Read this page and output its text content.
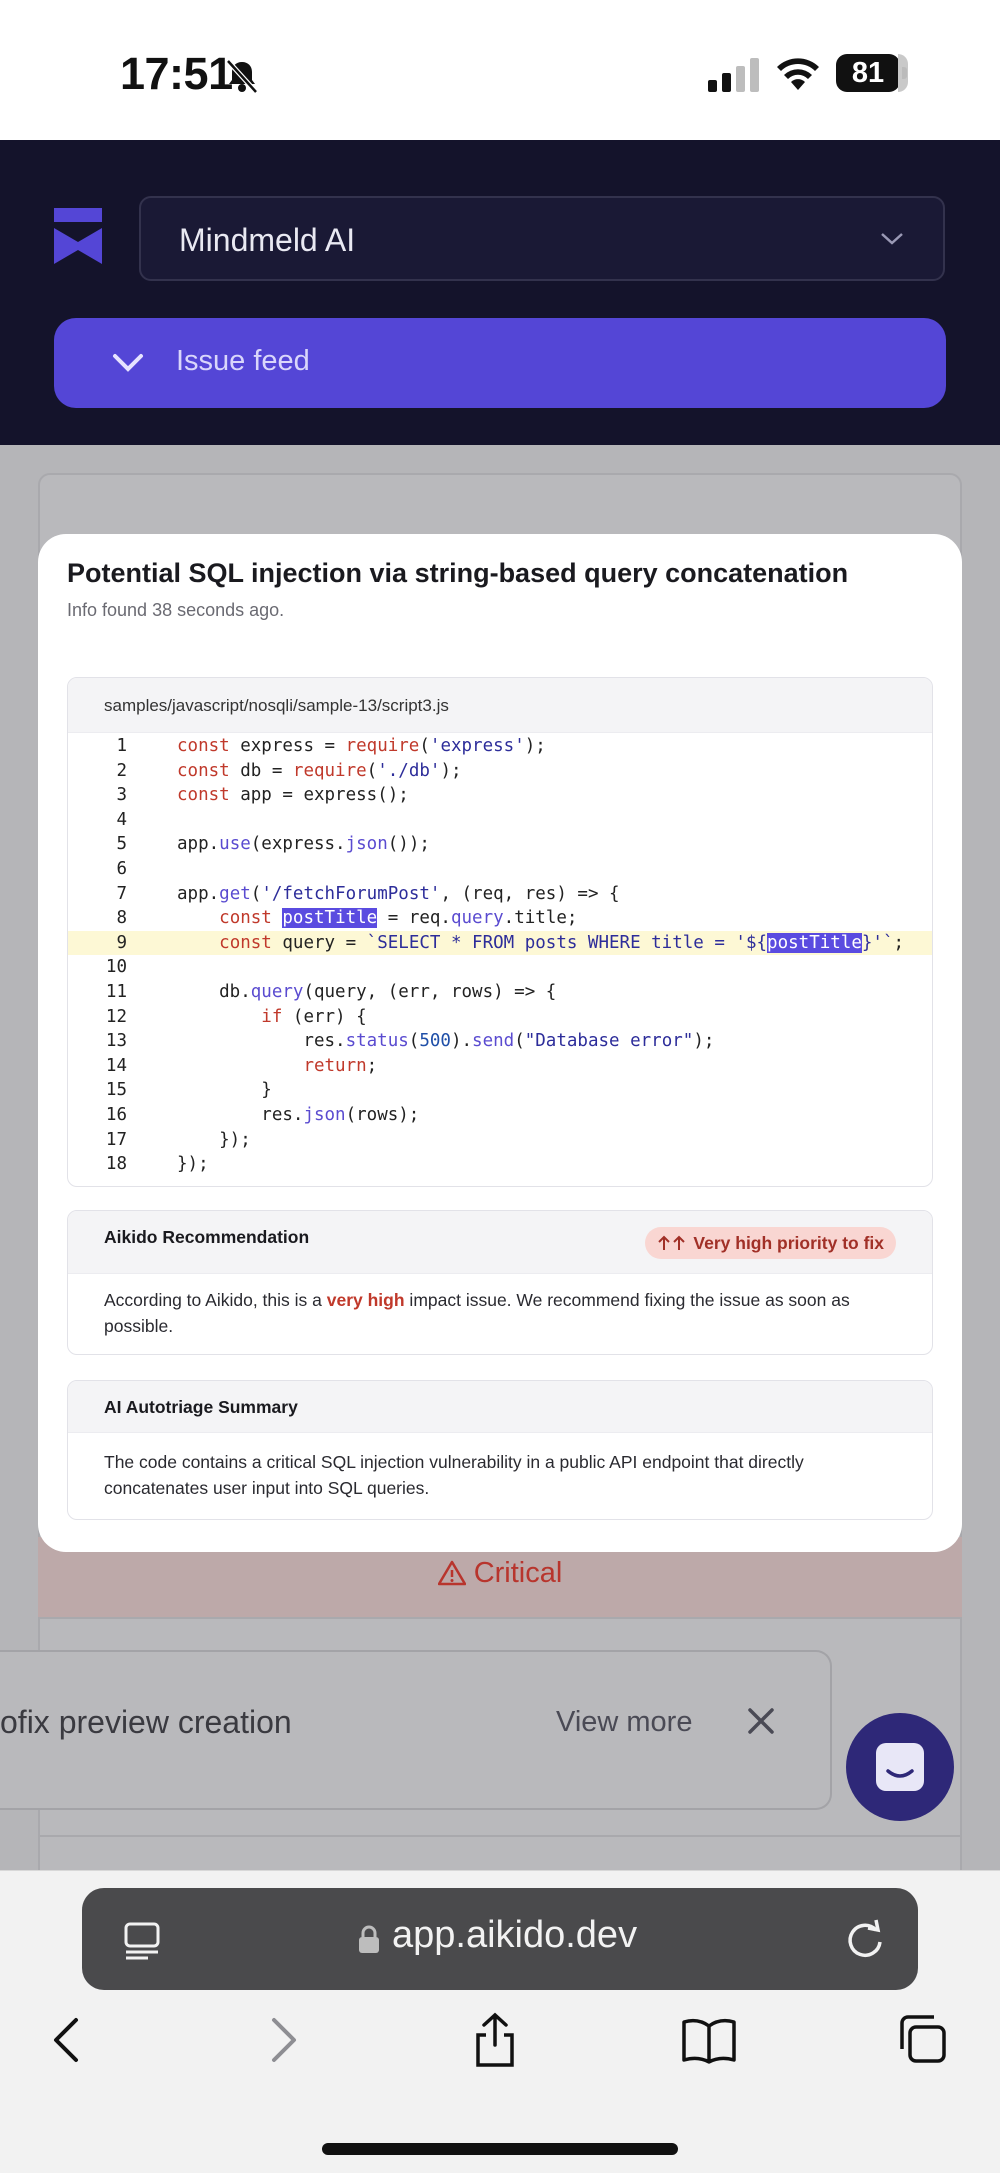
17:51	81
Mindmeld AI
Issue feed
Critical
ofix preview creation	View more
Potential SQL injection via string-based query concatenation
Info found 38 seconds ago.
samples/javascript/nosqli/sample-13/script3.js
1	const express = require('express');
2	const db = require('./db');
3	const app = express();
4
5	app.use(express.json());
6
7	app.get('/fetchForumPost', (req, res) => {
8	const postTitle = req.query.title;
9	const query = `SELECT * FROM posts WHERE title = '${postTitle}'`;
10
11	db.query(query, (err, rows) => {
12	if (err) {
13	res.status(500).send("Database error");
14	return;
15	}
16	res.json(rows);
17	});
18	});
Aikido Recommendation	Very high priority to fix
According to Aikido, this is a very high impact issue. We recommend fixing the issue as soon as possible.
AI Autotriage Summary
The code contains a critical SQL injection vulnerability in a public API endpoint that directly concatenates user input into SQL queries.
app.aikido.dev
